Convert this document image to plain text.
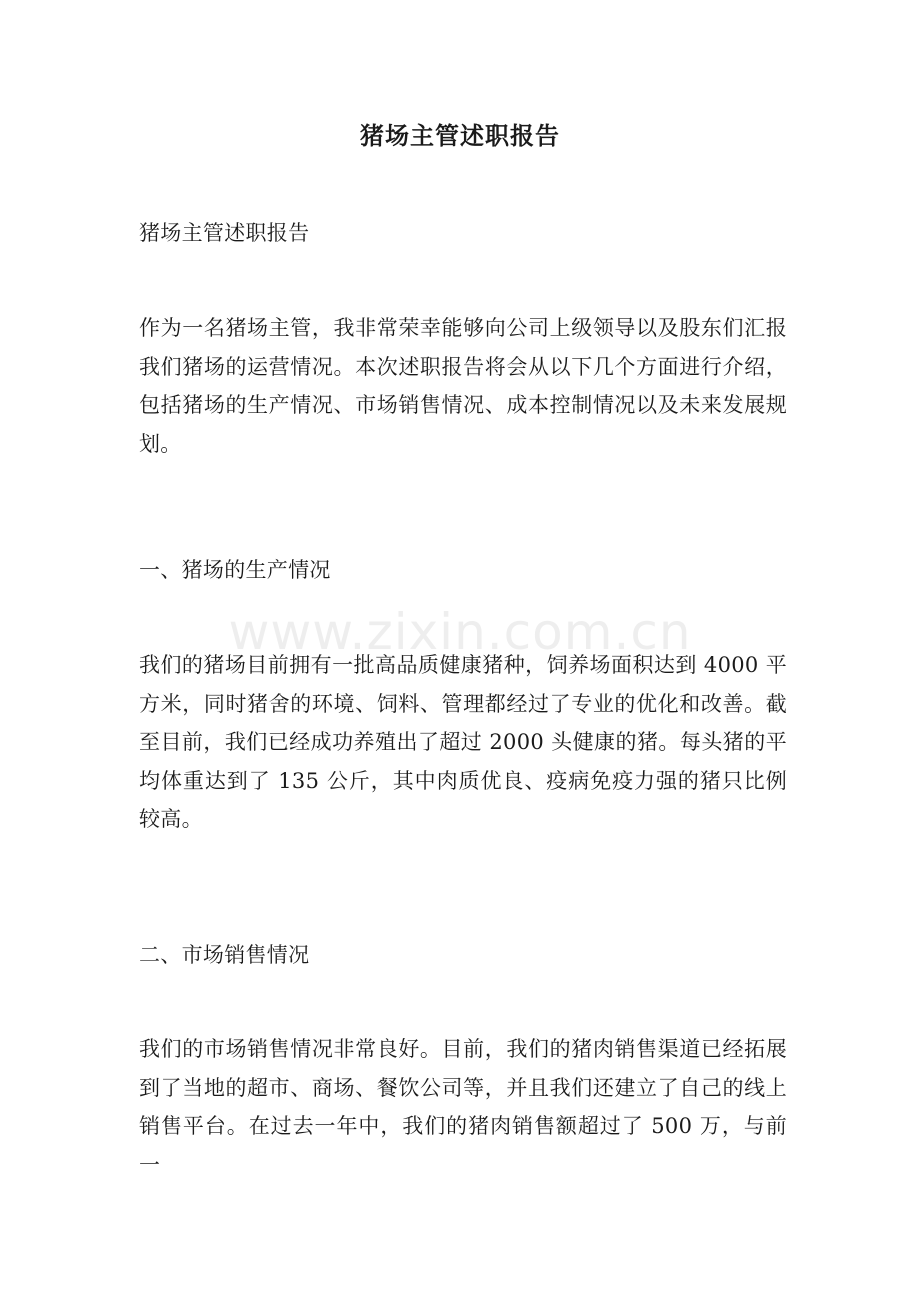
猪场主管述职报告

猪场主管述职报告

作为一名猪场主管，我非常荣幸能够向公司上级领导以及股东们汇报我们猪场的运营情况。本次述职报告将会从以下几个方面进行介绍，包括猪场的生产情况、市场销售情况、成本控制情况以及未来发展规划。

一、猪场的生产情况

我们的猪场目前拥有一批高品质健康猪种，饲养场面积达到 4000 平方米，同时猪舍的环境、饲料、管理都经过了专业的优化和改善。截至目前，我们已经成功养殖出了超过 2000 头健康的猪。每头猪的平均体重达到了 135 公斤，其中肉质优良、疫病免疫力强的猪只比例较高。

二、市场销售情况

我们的市场销售情况非常良好。目前，我们的猪肉销售渠道已经拓展到了当地的超市、商场、餐饮公司等，并且我们还建立了自己的线上销售平台。在过去一年中，我们的猪肉销售额超过了 500 万，与前一

www.zixin.com.cn
